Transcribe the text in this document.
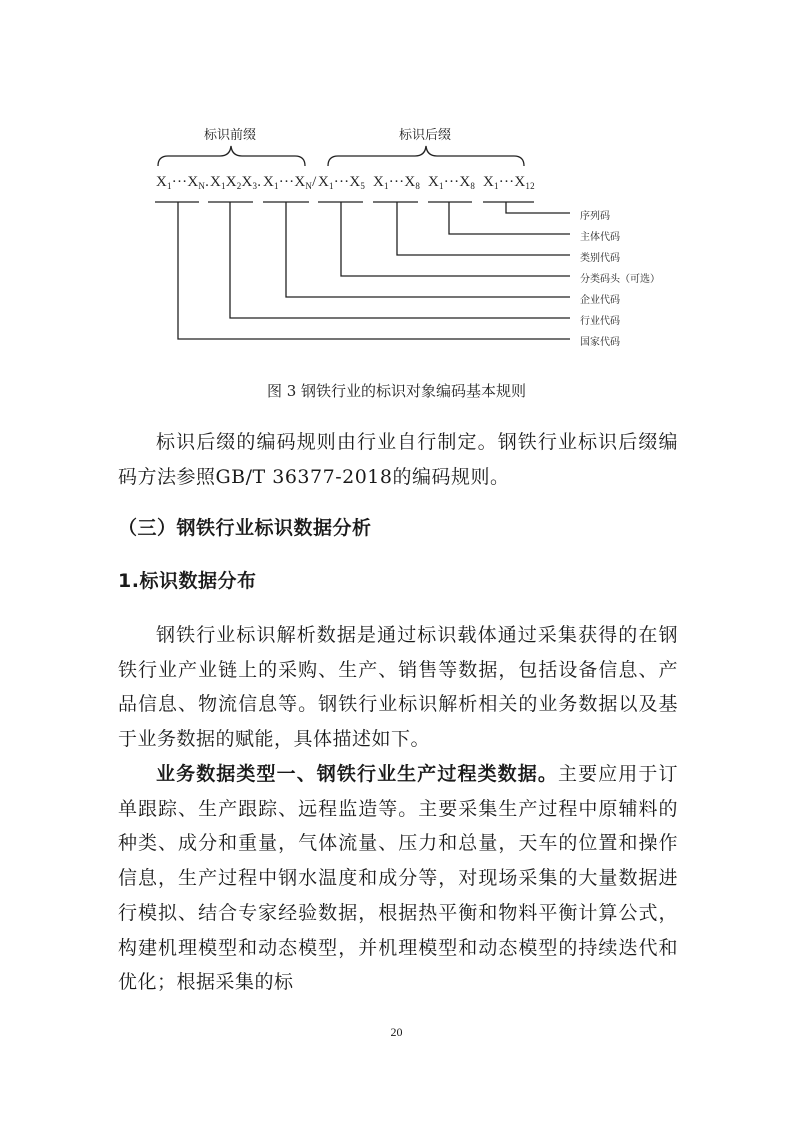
标识前缀	标识后缀
$X_1\cdot\cdot\cdot X_N$. $X_1X_2X_3$. $X_1\cdot\cdot\cdot X_N/$ $X_1\cdot\cdot\cdot X_5$ $X_1\cdot\cdot\cdot X_8$ $X_1\cdot\cdot\cdot X_8$ $X_1\cdot\cdot\cdot X_{12}$
序列码
主体代码
类别代码
分类码头（可选）
企业代码
行业代码
国家代码
图 3 钢铁行业的标识对象编码基本规则

标识后缀的编码规则由行业自行制定。钢铁行业标识后缀编码方法参照GB/T 36377-2018的编码规则。

（三）钢铁行业标识数据分析
1.标识数据分布

钢铁行业标识解析数据是通过标识载体通过采集获得的在钢铁行业产业链上的采购、生产、销售等数据，包括设备信息、产品信息、物流信息等。钢铁行业标识解析相关的业务数据以及基于业务数据的赋能，具体描述如下。

业务数据类型一、钢铁行业生产过程类数据。主要应用于订单跟踪、生产跟踪、远程监造等。主要采集生产过程中原辅料的种类、成分和重量，气体流量、压力和总量，天车的位置和操作信息，生产过程中钢水温度和成分等，对现场采集的大量数据进行模拟、结合专家经验数据，根据热平衡和物料平衡计算公式，构建机理模型和动态模型，并机理模型和动态模型的持续迭代和优化；根据采集的标

20
